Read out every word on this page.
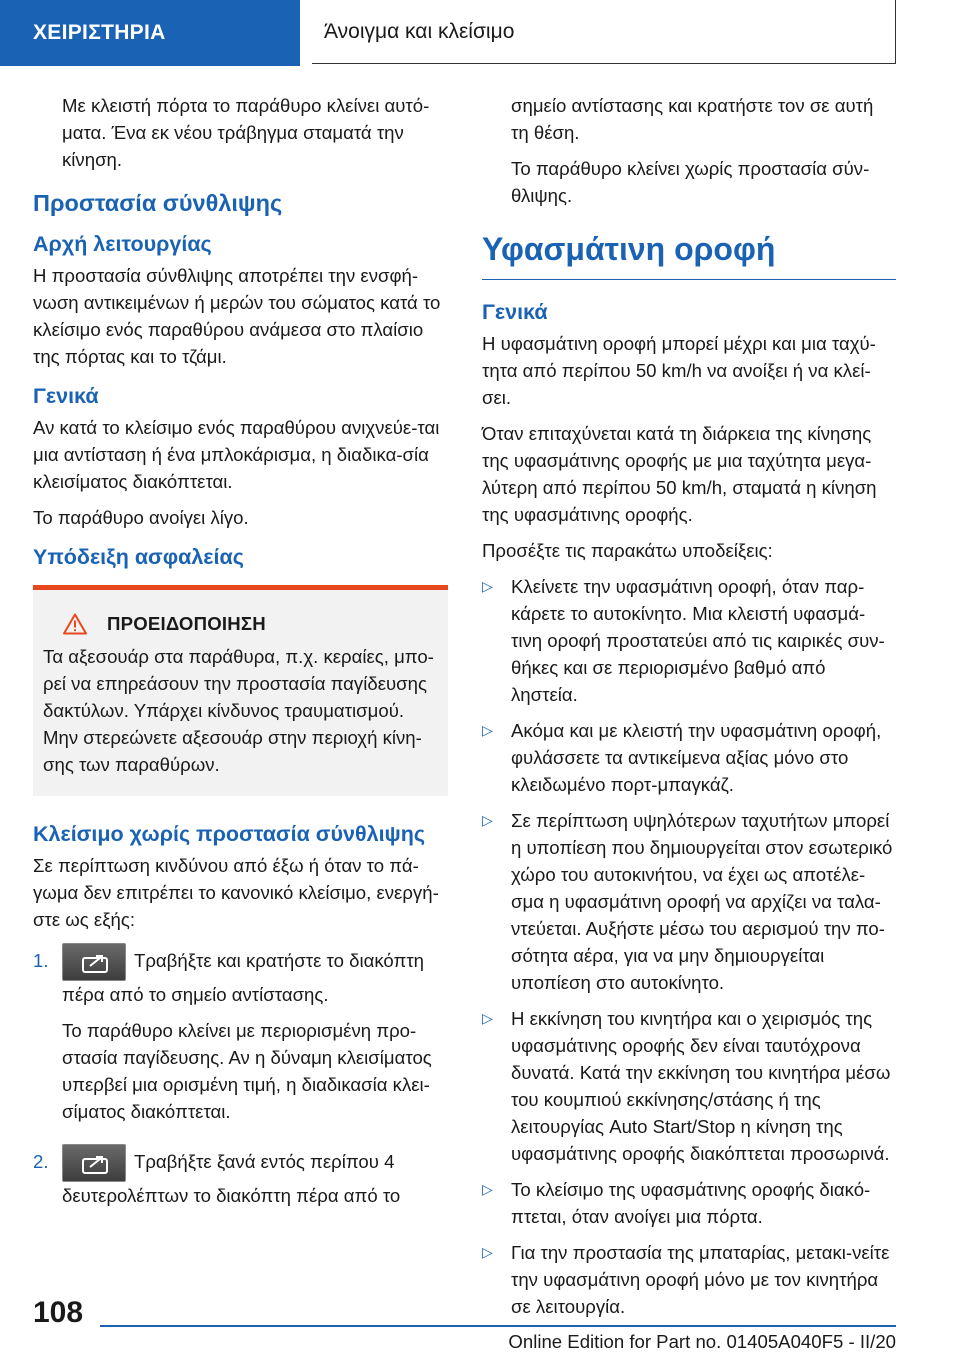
ΧΕΙΡΙΣΤΗΡΙΑ	Άνοιγμα και κλείσιμο
Με κλειστή πόρτα το παράθυρο κλείνει αυτό-ματα. Ένα εκ νέου τράβηγμα σταματά την κίνηση.
Προστασία σύνθλιψης
Αρχή λειτουργίας
Η προστασία σύνθλιψης αποτρέπει την ενσφή-νωση αντικειμένων ή μερών του σώματος κατά το κλείσιμο ενός παραθύρου ανάμεσα στο πλαίσιο της πόρτας και το τζάμι.
Γενικά
Αν κατά το κλείσιμο ενός παραθύρου ανιχνεύε-ται μια αντίσταση ή ένα μπλοκάρισμα, η διαδικα-σία κλεισίματος διακόπτεται.
Το παράθυρο ανοίγει λίγο.
Υπόδειξη ασφαλείας
ΠΡΟΕΙΔΟΠΟΙΗΣΗ
Τα αξεσουάρ στα παράθυρα, π.χ. κεραίες, μπο-ρεί να επηρεάσουν την προστασία παγίδευσης δακτύλων. Υπάρχει κίνδυνος τραυματισμού. Μην στερεώνετε αξεσουάρ στην περιοχή κίνη-σης των παραθύρων.
Κλείσιμο χωρίς προστασία σύνθλιψης
Σε περίπτωση κινδύνου από έξω ή όταν το πά-γωμα δεν επιτρέπει το κανονικό κλείσιμο, ενεργή-στε ως εξής:
1.	Τραβήξτε και κρατήστε το διακόπτη πέρα από το σημείο αντίστασης.
Το παράθυρο κλείνει με περιορισμένη προ-στασία παγίδευσης. Αν η δύναμη κλεισίματος υπερβεί μια ορισμένη τιμή, η διαδικασία κλει-σίματος διακόπτεται.
2.	Τραβήξτε ξανά εντός περίπου 4 δευτερολέπτων το διακόπτη πέρα από το
σημείο αντίστασης και κρατήστε τον σε αυτή τη θέση.
Το παράθυρο κλείνει χωρίς προστασία σύν-θλιψης.
Υφασμάτινη οροφή
Γενικά
Η υφασμάτινη οροφή μπορεί μέχρι και μια ταχύ-τητα από περίπου 50 km/h να ανοίξει ή να κλεί-σει.
Όταν επιταχύνεται κατά τη διάρκεια της κίνησης της υφασμάτινης οροφής με μια ταχύτητα μεγα-λύτερη από περίπου 50 km/h, σταματά η κίνηση της υφασμάτινης οροφής.
Προσέξτε τις παρακάτω υποδείξεις:
▷ Κλείνετε την υφασμάτινη οροφή, όταν παρ-κάρετε το αυτοκίνητο. Μια κλειστή υφασμά-τινη οροφή προστατεύει από τις καιρικές συν-θήκες και σε περιορισμένο βαθμό από ληστεία.
▷ Ακόμα και με κλειστή την υφασμάτινη οροφή, φυλάσσετε τα αντικείμενα αξίας μόνο στο κλειδωμένο πορτ-μπαγκάζ.
▷ Σε περίπτωση υψηλότερων ταχυτήτων μπορεί η υποπίεση που δημιουργείται στον εσωτερικό χώρο του αυτοκινήτου, να έχει ως αποτέλε-σμα η υφασμάτινη οροφή να αρχίζει να ταλα-ντεύεται. Αυξήστε μέσω του αερισμού την πο-σότητα αέρα, για να μην δημιουργείται υποπίεση στο αυτοκίνητο.
▷ Η εκκίνηση του κινητήρα και ο χειρισμός της υφασμάτινης οροφής δεν είναι ταυτόχρονα δυνατά. Κατά την εκκίνηση του κινητήρα μέσω του κουμπιού εκκίνησης/στάσης ή της λειτουργίας Auto Start/Stop η κίνηση της υφασμάτινης οροφής διακόπτεται προσωρινά.
▷ Το κλείσιμο της υφασμάτινης οροφής διακό-πτεται, όταν ανοίγει μια πόρτα.
▷ Για την προστασία της μπαταρίας, μετακι-νείτε την υφασμάτινη οροφή μόνο με τον κινητήρα σε λειτουργία.
108
Online Edition for Part no. 01405A040F5 - II/20
